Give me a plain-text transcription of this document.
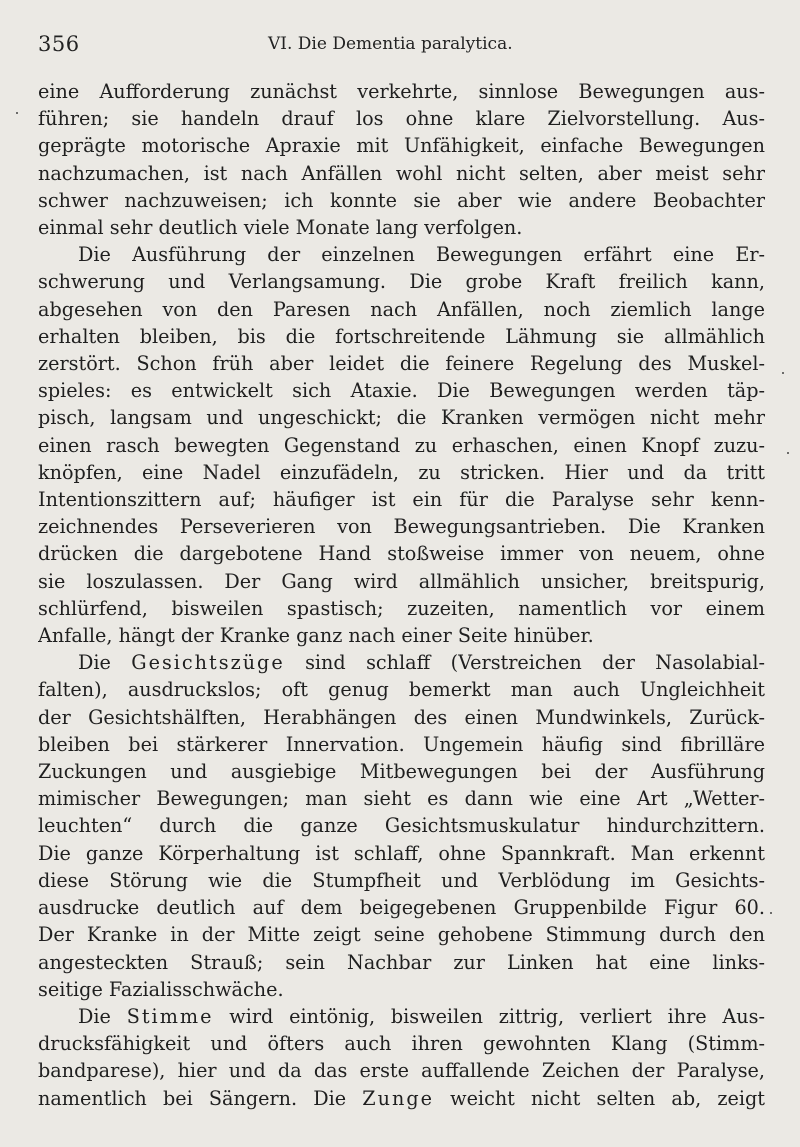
356	VI. Die Dementia paralytica.
eine Aufforderung zunächst verkehrte, sinnlose Bewegungen aus-
führen; sie handeln drauf los ohne klare Zielvorstellung. Aus-
geprägte motorische Apraxie mit Unfähigkeit, einfache Bewegungen
nachzumachen, ist nach Anfällen wohl nicht selten, aber meist sehr
schwer nachzuweisen; ich konnte sie aber wie andere Beobachter
einmal sehr deutlich viele Monate lang verfolgen.
Die Ausführung der einzelnen Bewegungen erfährt eine Er-
schwerung und Verlangsamung. Die grobe Kraft freilich kann,
abgesehen von den Paresen nach Anfällen, noch ziemlich lange
erhalten bleiben, bis die fortschreitende Lähmung sie allmählich
zerstört. Schon früh aber leidet die feinere Regelung des Muskel-
spieles: es entwickelt sich Ataxie. Die Bewegungen werden täp-
pisch, langsam und ungeschickt; die Kranken vermögen nicht mehr
einen rasch bewegten Gegenstand zu erhaschen, einen Knopf zuzu-
knöpfen, eine Nadel einzufädeln, zu stricken. Hier und da tritt
Intentionszittern auf; häufiger ist ein für die Paralyse sehr kenn-
zeichnendes Perseverieren von Bewegungsantrieben. Die Kranken
drücken die dargebotene Hand stoßweise immer von neuem, ohne
sie loszulassen. Der Gang wird allmählich unsicher, breitspurig,
schlürfend, bisweilen spastisch; zuzeiten, namentlich vor einem
Anfalle, hängt der Kranke ganz nach einer Seite hinüber.
Die Gesichtszüge sind schlaff (Verstreichen der Nasolabial-
falten), ausdruckslos; oft genug bemerkt man auch Ungleichheit
der Gesichtshälften, Herabhängen des einen Mundwinkels, Zurück-
bleiben bei stärkerer Innervation. Ungemein häufig sind fibrilläre
Zuckungen und ausgiebige Mitbewegungen bei der Ausführung
mimischer Bewegungen; man sieht es dann wie eine Art „Wetter-
leuchten“ durch die ganze Gesichtsmuskulatur hindurchzittern.
Die ganze Körperhaltung ist schlaff, ohne Spannkraft. Man erkennt
diese Störung wie die Stumpfheit und Verblödung im Gesichts-
ausdrucke deutlich auf dem beigegebenen Gruppenbilde Figur 60.
Der Kranke in der Mitte zeigt seine gehobene Stimmung durch den
angesteckten Strauß; sein Nachbar zur Linken hat eine links-
seitige Fazialisschwäche.
Die Stimme wird eintönig, bisweilen zittrig, verliert ihre Aus-
drucksfähigkeit und öfters auch ihren gewohnten Klang (Stimm-
bandparese), hier und da das erste auffallende Zeichen der Paralyse,
namentlich bei Sängern. Die Zunge weicht nicht selten ab, zeigt
